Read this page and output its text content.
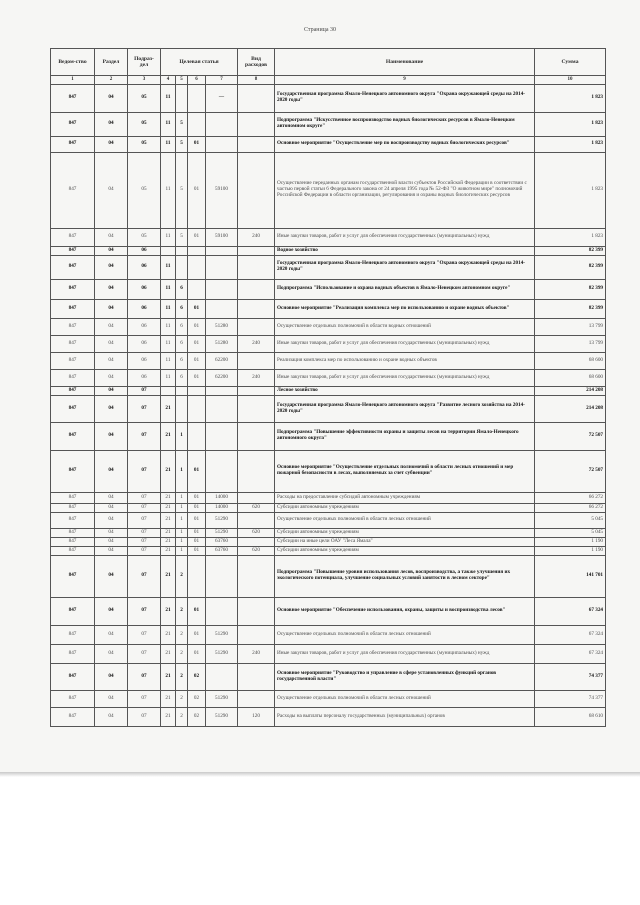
Страница 30
Ведом-ство	Раздел	Подраз-дел	Целевая статья				Вид расходов	Наименование	Сумма
1	2	3	4	5	6	7	8	9	10
847	04	05	11			—		Государственная программа Ямало-Ненецкого автономного округа "Охрана окружающей среды на 2014-2020 годы"	1 823
847	04	05	11	5				Подпрограмма "Искусственное воспроизводство водных биологических ресурсов в Ямало-Ненецком автономном округе"	1 823
847	04	05	11	5	01			Основное мероприятие "Осуществление мер по воспроизводству водных биологических ресурсов"	1 823
847	04	05	11	5	01	59100		Осуществление переданных органам государственной власти субъектов Российской Федерации в соответствии с частью первой статьи 6 Федерального закона от 24 апреля 1995 года № 52-ФЗ "О животном мире" полномочий Российской Федерации в области организации, регулирования и охраны водных биологических ресурсов	1 823
847	04	05	11	5	01	59100	240	Иные закупки товаров, работ и услуг для обеспечения государственных (муниципальных) нужд	1 823
847	04	06						Водное хозяйство	82 399
847	04	06	11					Государственная программа Ямало-Ненецкого автономного округа "Охрана окружающей среды на 2014-2020 годы"	82 399
847	04	06	11	6				Подпрограмма "Использование и охрана водных объектов в Ямало-Ненецком автономном округе"	82 399
847	04	06	11	6	01			Основное мероприятие "Реализация комплекса мер по использованию и охране водных объектов"	82 399
847	04	06	11	6	01	51280		Осуществление отдельных полномочий в области водных отношений	13 799
847	04	06	11	6	01	51280	240	Иные закупки товаров, работ и услуг для обеспечения государственных (муниципальных) нужд	13 799
847	04	06	11	6	01	62200		Реализация комплекса мер по использованию и охране водных объектов	68 600
847	04	06	11	6	01	62200	240	Иные закупки товаров, работ и услуг для обеспечения государственных (муниципальных) нужд	68 600
847	04	07						Лесное хозяйство	214 208
847	04	07	21					Государственная программа Ямало-Ненецкого автономного округа "Развитие лесного хозяйства на 2014-2020 годы"	214 208
847	04	07	21	1				Подпрограмма "Повышение эффективности охраны и защиты лесов на территории Ямало-Ненецкого автономного округа"	72 507
847	04	07	21	1	01			Основное мероприятие "Осуществление отдельных полномочий в области лесных отношений и мер пожарной безопасности в лесах, выполняемых за счет субвенции"	72 507
847	04	07	21	1	01	14000		Расходы на предоставление субсидий автономным учреждениям	66 272
847	04	07	21	1	01	14000	620	Субсидии автономным учреждениям	66 272
847	04	07	21	1	01	51290		Осуществление отдельных полномочий в области лесных отношений	5 045
847	04	07	21	1	01	51290	620	Субсидии автономным учреждениям	5 045
847	04	07	21	1	01	63760		Субсидии на иные цели ОАУ "Леса Ямала"	1 190
847	04	07	21	1	01	63760	620	Субсидии автономным учреждениям	1 190
847	04	07	21	2				Подпрограмма "Повышение уровня использования лесов, воспроизводства, а также улучшения их экологического потенциала, улучшение социальных условий занятости в лесном секторе"	141 701
847	04	07	21	2	01			Основное мероприятие "Обеспечение использования, охраны, защиты и воспроизводства лесов"	67 324
847	04	07	21	2	01	51290		Осуществление отдельных полномочий в области лесных отношений	67 324
847	04	07	21	2	01	51290	240	Иные закупки товаров, работ и услуг для обеспечения государственных (муниципальных) нужд	67 324
847	04	07	21	2	02			Основное мероприятие "Руководство и управление в сфере установленных функций органов государственной власти"	74 377
847	04	07	21	2	02	51290		Осуществление отдельных полномочий в области лесных отношений	74 377
847	04	07	21	2	02	51290	120	Расходы на выплаты персоналу государственных (муниципальных) органов	68 610
